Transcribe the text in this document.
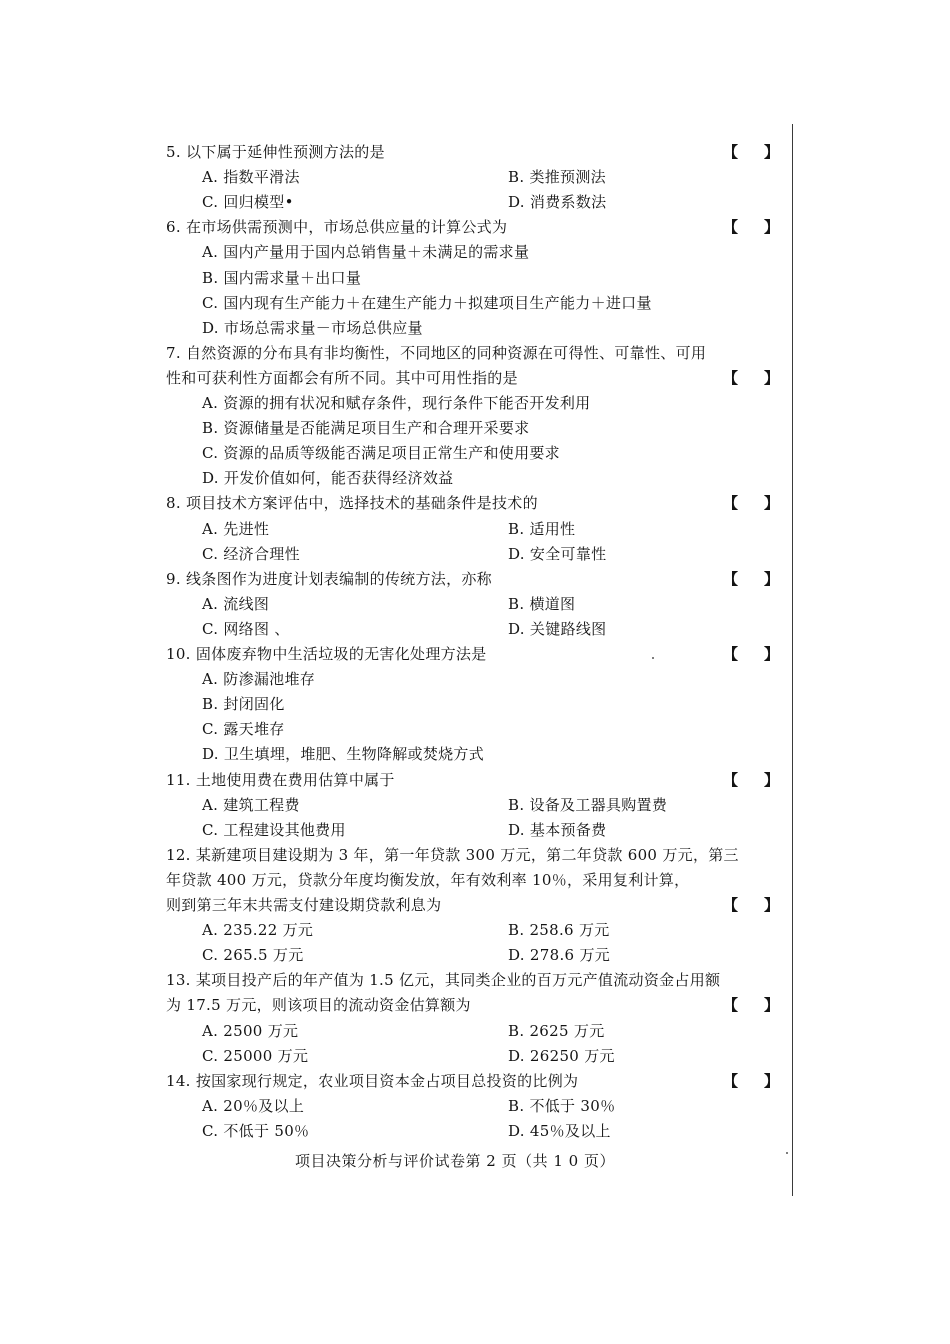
5. 以下属于延伸性预测方法的是	【 】
A. 指数平滑法	B. 类推预测法
C. 回归模型•	D. 消费系数法
6. 在市场供需预测中，市场总供应量的计算公式为	【 】
A. 国内产量用于国内总销售量＋未满足的需求量
B. 国内需求量＋出口量
C. 国内现有生产能力＋在建生产能力＋拟建项目生产能力＋进口量
D. 市场总需求量－市场总供应量
7. 自然资源的分布具有非均衡性，不同地区的同种资源在可得性、可靠性、可用
性和可获利性方面都会有所不同。其中可用性指的是	【 】
A. 资源的拥有状况和赋存条件，现行条件下能否开发利用
B. 资源储量是否能满足项目生产和合理开采要求
C. 资源的品质等级能否满足项目正常生产和使用要求
D. 开发价值如何，能否获得经济效益
8. 项目技术方案评估中，选择技术的基础条件是技术的	【 】
A. 先进性	B. 适用性
C. 经济合理性	D. 安全可靠性
9. 线条图作为进度计划表编制的传统方法，亦称	【 】
A. 流线图	B. 横道图
C. 网络图 、	D. 关键路线图
10. 固体废弃物中生活垃圾的无害化处理方法是	【 】
A. 防渗漏池堆存
B. 封闭固化
C. 露天堆存
D. 卫生填埋，堆肥、生物降解或焚烧方式
11. 土地使用费在费用估算中属于	【 】
A. 建筑工程费	B. 设备及工器具购置费
C. 工程建设其他费用	D. 基本预备费
12. 某新建项目建设期为 3 年，第一年贷款 300 万元，第二年贷款 600 万元，第三
年贷款 400 万元，贷款分年度均衡发放，年有效利率 10％，采用复利计算，
则到第三年末共需支付建设期贷款利息为	【 】
A. 235.22 万元	B. 258.6 万元
C. 265.5 万元	D. 278.6 万元
13. 某项目投产后的年产值为 1.5 亿元，其同类企业的百万元产值流动资金占用额
为 17.5 万元，则该项目的流动资金估算额为	【 】
A. 2500 万元	B. 2625 万元
C. 25000 万元	D. 26250 万元
14. 按国家现行规定，农业项目资本金占项目总投资的比例为	【 】
A. 20％及以上	B. 不低于 30％
C. 不低于 50％	D. 45％及以上
项目决策分析与评价试卷第 2 页（共 1 0 页）
